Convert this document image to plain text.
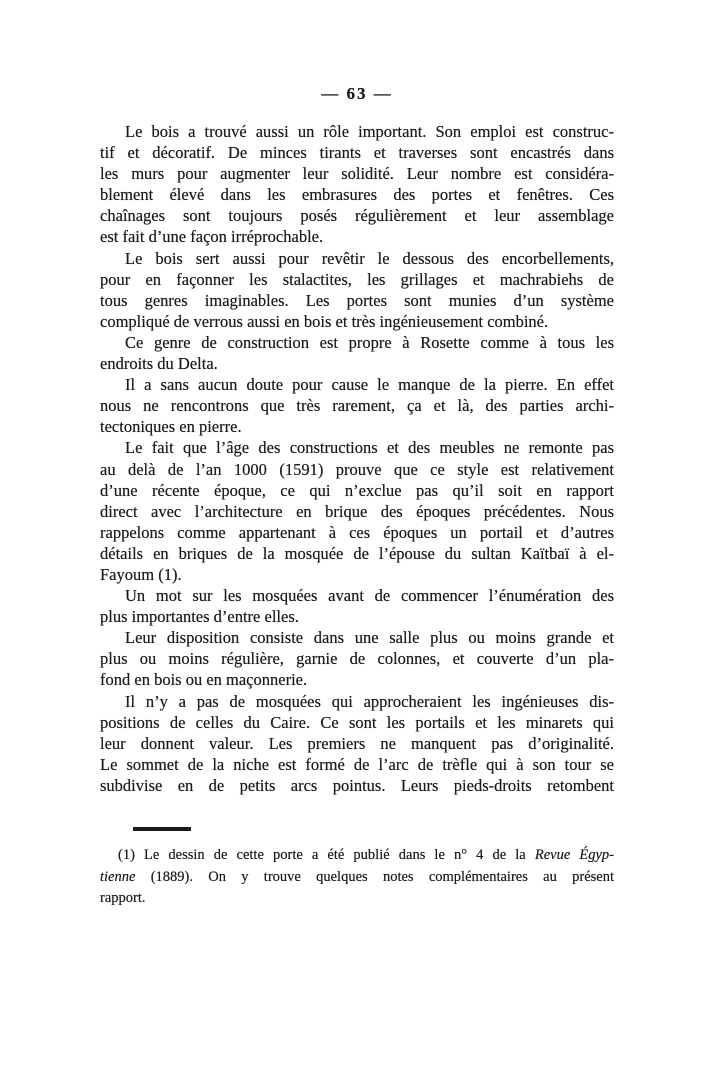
— 63 —

Le bois a trouvé aussi un rôle important. Son emploi est construc-
tif et décoratif. De minces tirants et traverses sont encastrés dans
les murs pour augmenter leur solidité. Leur nombre est considéra-
blement élevé dans les embrasures des portes et fenêtres. Ces
chaînages sont toujours posés régulièrement et leur assemblage
est fait d’une façon irréprochable.

Le bois sert aussi pour revêtir le dessous des encorbellements,
pour en façonner les stalactites, les grillages et machrabiehs de
tous genres imaginables. Les portes sont munies d’un système
compliqué de verrous aussi en bois et très ingénieusement combiné.

Ce genre de construction est propre à Rosette comme à tous les
endroits du Delta.

Il a sans aucun doute pour cause le manque de la pierre. En effet
nous ne rencontrons que très rarement, ça et là, des parties archi-
tectoniques en pierre.

Le fait que l’âge des constructions et des meubles ne remonte pas
au delà de l’an 1000 (1591) prouve que ce style est relativement
d’une récente époque, ce qui n’exclue pas qu’il soit en rapport
direct avec l’architecture en brique des époques précédentes. Nous
rappelons comme appartenant à ces époques un portail et d’autres
détails en briques de la mosquée de l’épouse du sultan Kaïtbaï à el-
Fayoum (1).

Un mot sur les mosquées avant de commencer l’énumération des
plus importantes d’entre elles.

Leur disposition consiste dans une salle plus ou moins grande et
plus ou moins régulière, garnie de colonnes, et couverte d’un pla-
fond en bois ou en maçonnerie.

Il n’y a pas de mosquées qui approcheraient les ingénieuses dis-
positions de celles du Caire. Ce sont les portails et les minarets qui
leur donnent valeur. Les premiers ne manquent pas d’originalité.
Le sommet de la niche est formé de l’arc de trèfle qui à son tour se
subdivise en de petits arcs pointus. Leurs pieds-droits retombent

(1) Le dessin de cette porte a été publié dans le n° 4 de la Revue Égyp-
tienne (1889). On y trouve quelques notes complémentaires au présent
rapport.
